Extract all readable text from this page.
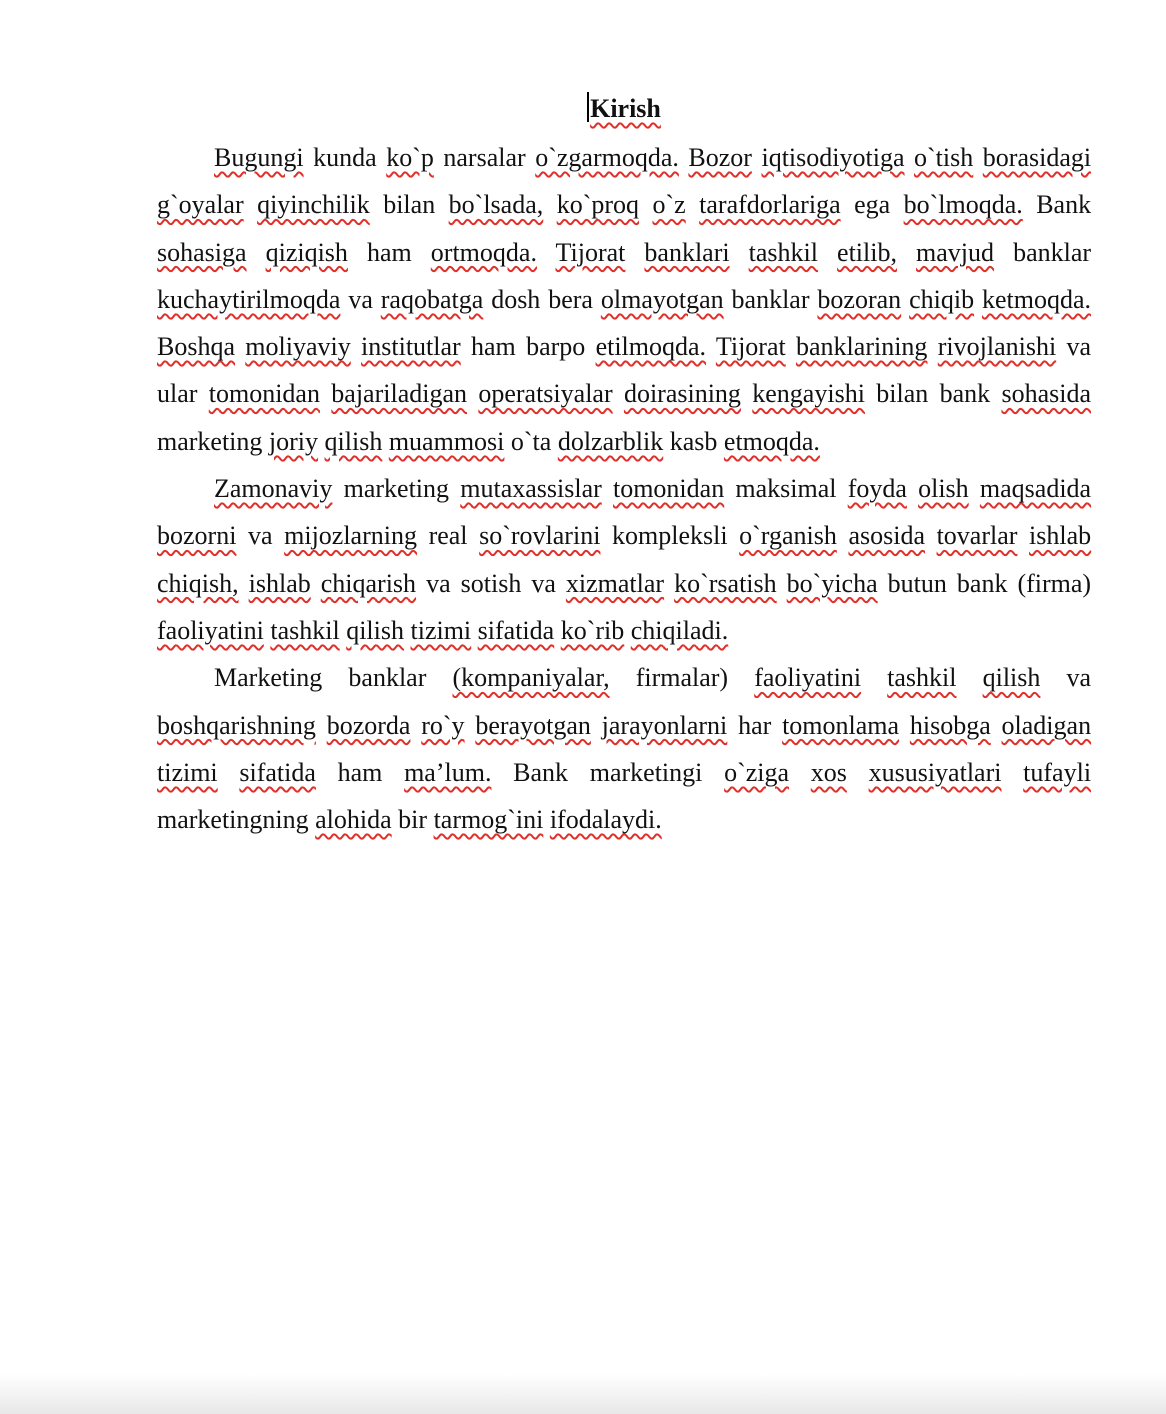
Kirish

Bugungi kunda ko`p narsalar o`zgarmoqda. Bozor iqtisodiyotiga o`tish borasidagi g`oyalar qiyinchilik bilan bo`lsada, ko`proq o`z tarafdorlariga ega bo`lmoqda. Bank sohasiga qiziqish ham ortmoqda. Tijorat banklari tashkil etilib, mavjud banklar kuchaytirilmoqda va raqobatga dosh bera olmayotgan banklar bozoran chiqib ketmoqda. Boshqa moliyaviy institutlar ham barpo etilmoqda. Tijorat banklarining rivojlanishi va ular tomonidan bajariladigan operatsiyalar doirasining kengayishi bilan bank sohasida marketing joriy qilish muammosi o`ta dolzarblik kasb etmoqda.

Zamonaviy marketing mutaxassislar tomonidan maksimal foyda olish maqsadida bozorni va mijozlarning real so`rovlarini kompleksli o`rganish asosida tovarlar ishlab chiqish, ishlab chiqarish va sotish va xizmatlar ko`rsatish bo`yicha butun bank (firma) faoliyatini tashkil qilish tizimi sifatida ko`rib chiqiladi.

Marketing banklar (kompaniyalar, firmalar) faoliyatini tashkil qilish va boshqarishning bozorda ro`y berayotgan jarayonlarni har tomonlama hisobga oladigan tizimi sifatida ham ma’lum. Bank marketingi o`ziga xos xususiyatlari tufayli marketingning alohida bir tarmog`ini ifodalaydi.
